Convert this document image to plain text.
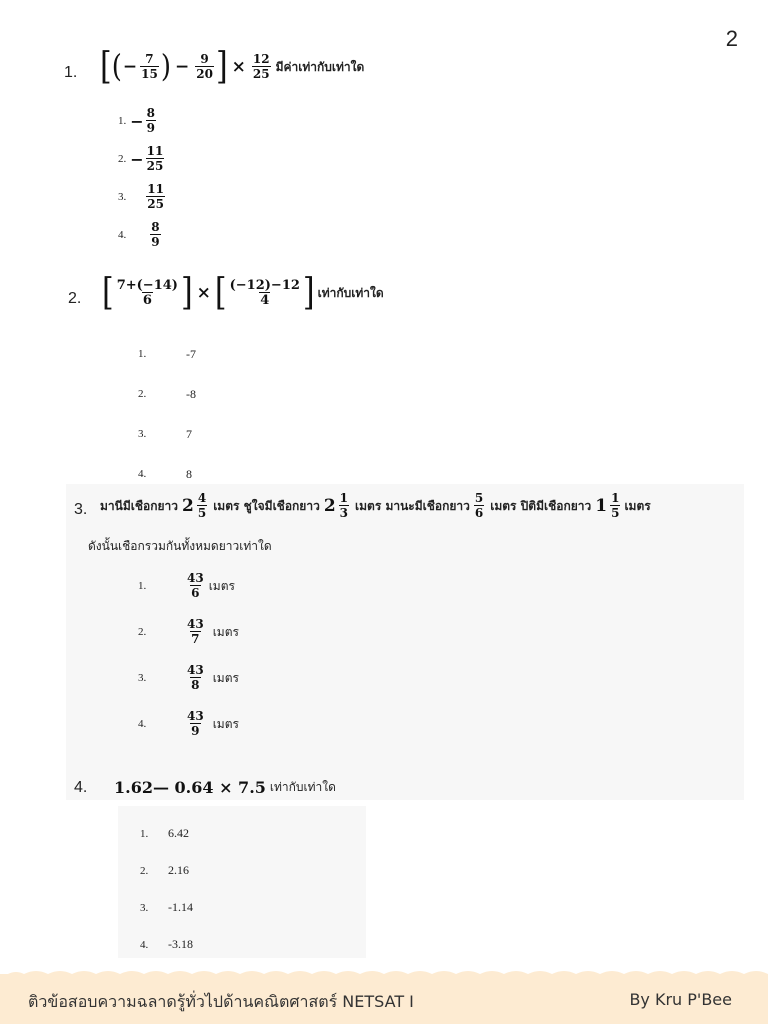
2
1. [ ( − $\frac{7}{15}$ ) − $\frac{9}{20}$ ] × $\frac{12}{25}$ มีค่าเท่ากับเท่าใด
1. − $\frac{8}{9}$
2. − $\frac{11}{25}$
3. $\frac{11}{25}$
4. $\frac{8}{9}$
2. [ $\frac{7+(-14)}{6}$ ] × [ $\frac{(-12)-12}{4}$ ] เท่ากับเท่าใด
1.	-7
2.	-8
3.	7
4.	8
3. มานีมีเชือกยาว $2 \frac{4}{5}$ เมตร ชูใจมีเชือกยาว $2 \frac{1}{3}$ เมตร มานะมีเชือกยาว $\frac{5}{6}$ เมตร ปิติมีเชือกยาว $1 \frac{1}{5}$ เมตร
ดังนั้นเชือกรวมกันทั้งหมดยาวเท่าใด
1.	$\frac{43}{6}$ เมตร
2.	$\frac{43}{7}$ เมตร
3.	$\frac{43}{8}$ เมตร
4.	$\frac{43}{9}$ เมตร
4. 1.62— 0.64 × 7.5 เท่ากับเท่าใด
1.	6.42
2.	2.16
3.	-1.14
4.	-3.18
ติวข้อสอบความฉลาดรู้ทั่วไปด้านคณิตศาสตร์ NETSAT I	By Kru P'Bee
